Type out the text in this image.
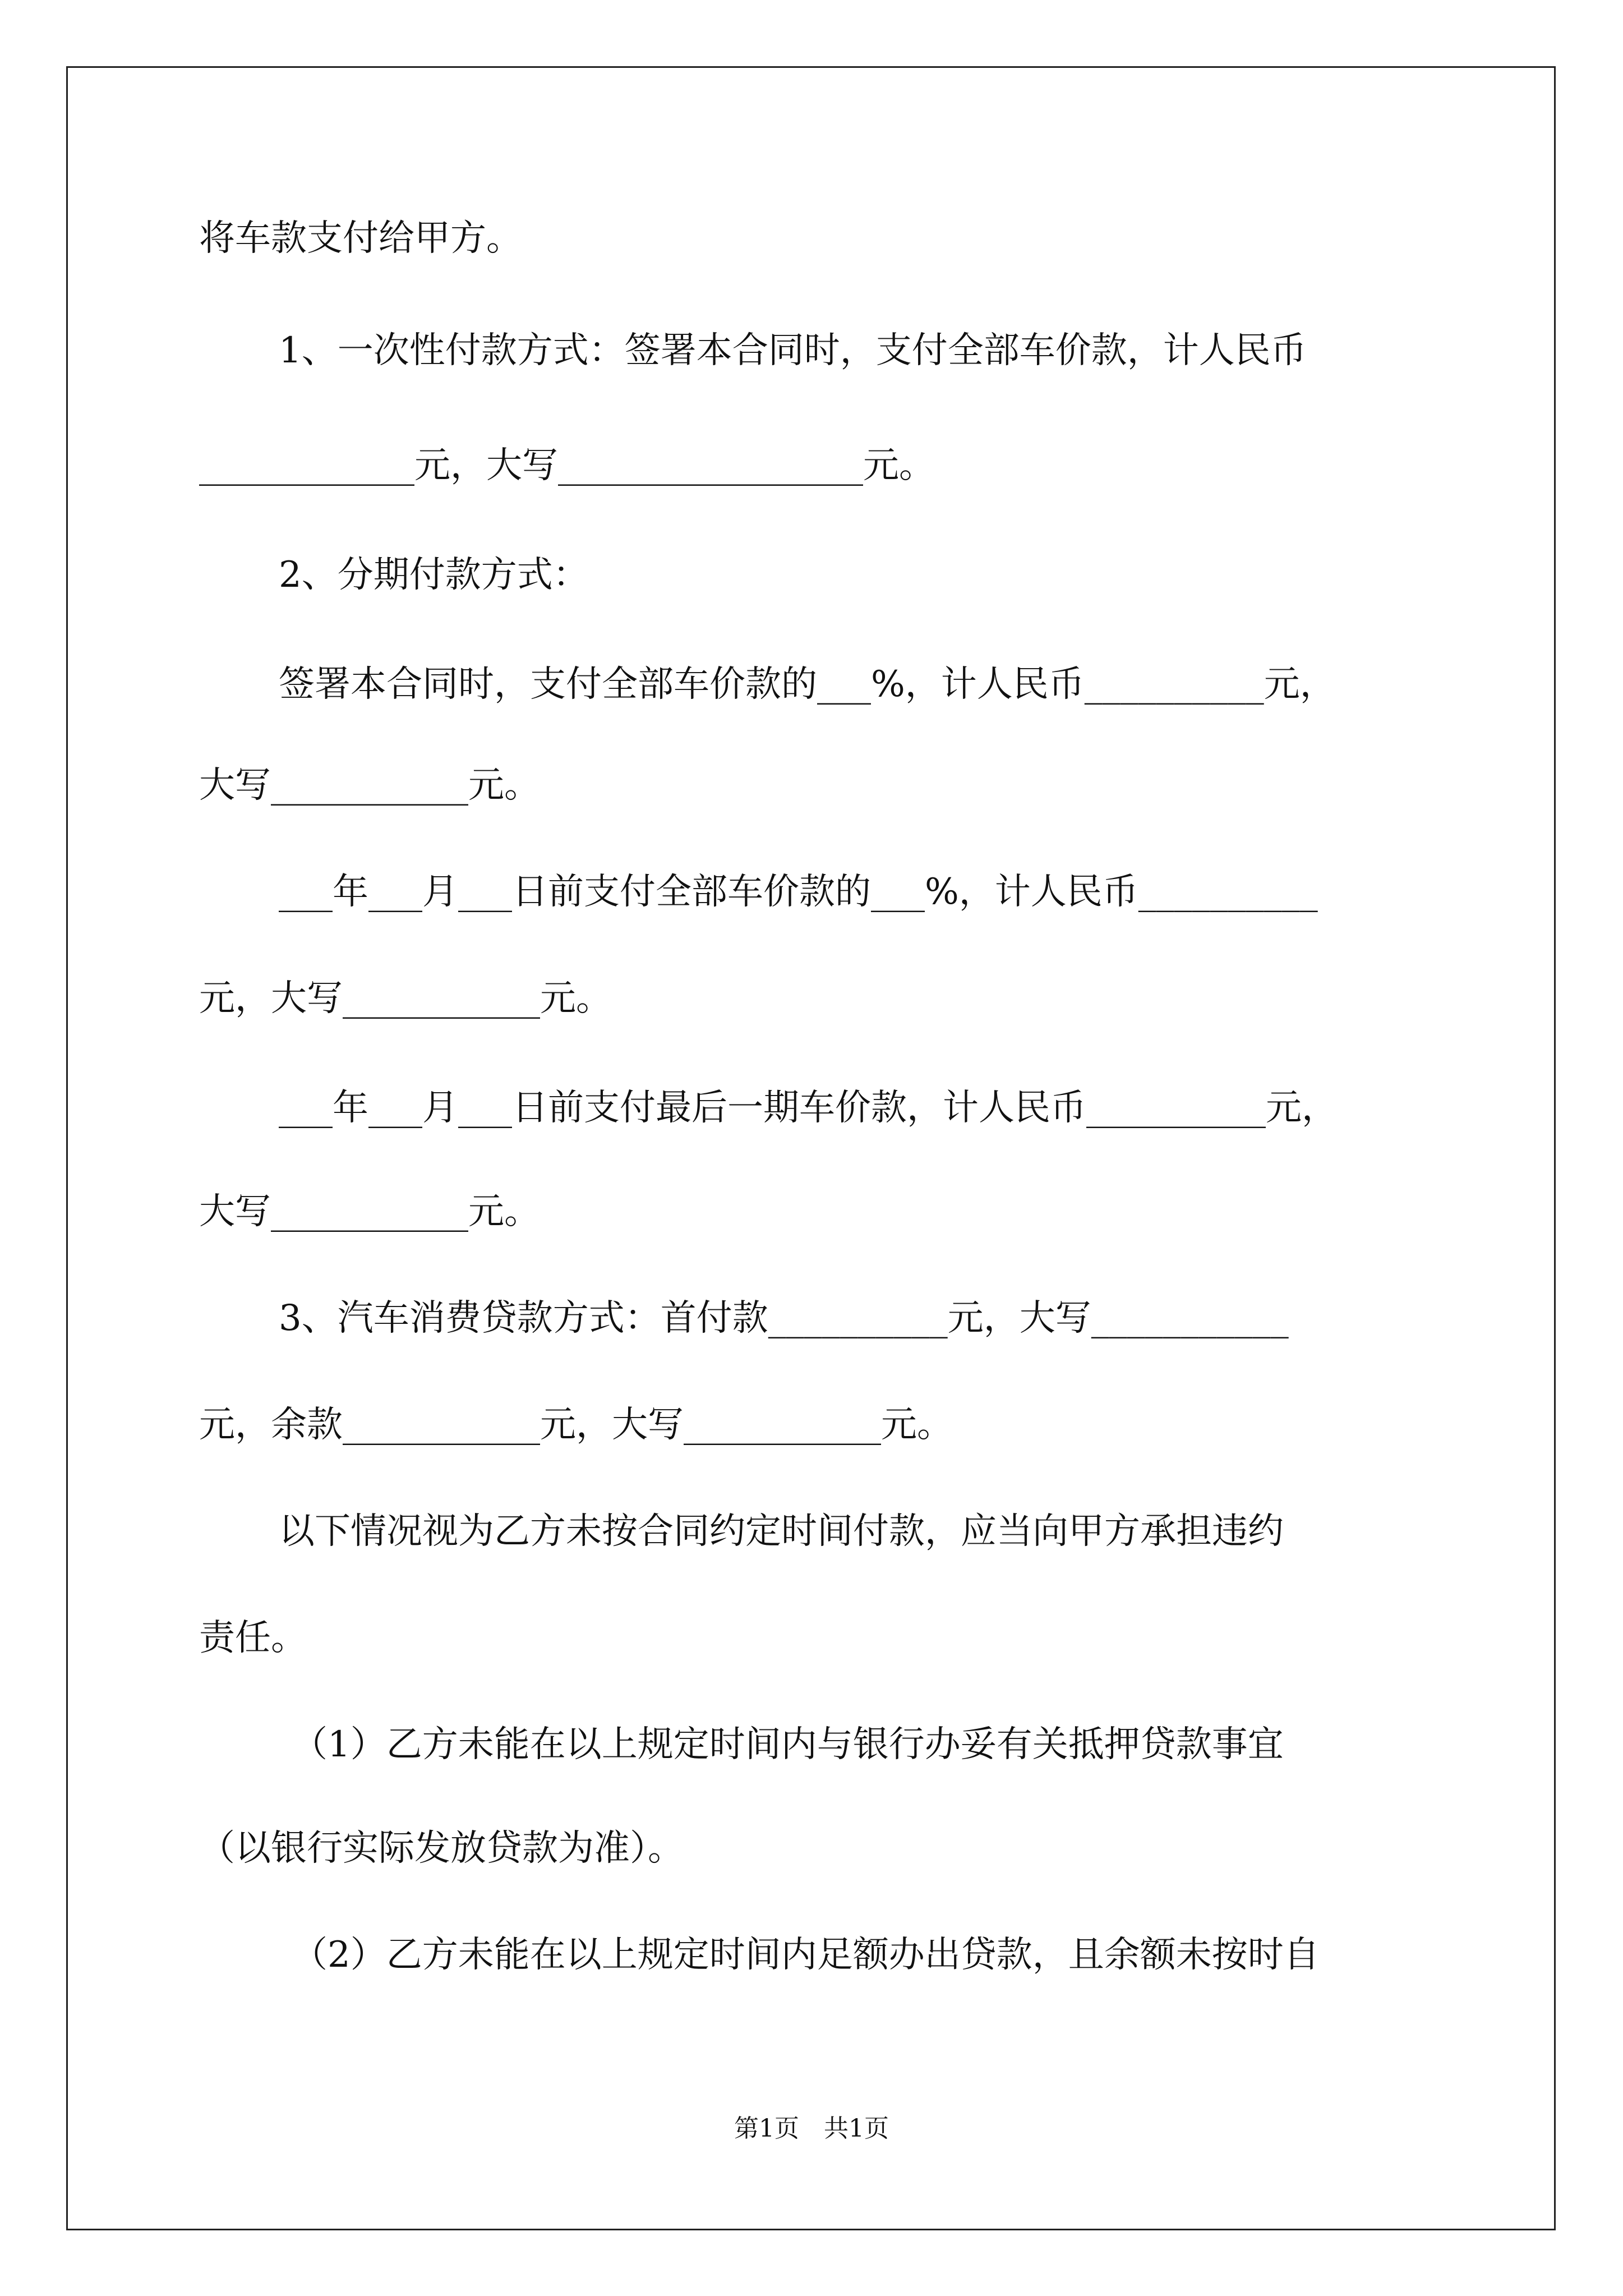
将车款支付给甲方。
1、一次性付款方式：签署本合同时，支付全部车价款，计人民币
____________元，大写_________________元。
2、分期付款方式：
签署本合同时，支付全部车价款的___%，计人民币__________元，
大写___________元。
___年___月___日前支付全部车价款的___%，计人民币__________
元，大写___________元。
___年___月___日前支付最后一期车价款，计人民币__________元，
大写___________元。
3、汽车消费贷款方式：首付款__________元，大写___________
元，余款___________元，大写___________元。
以下情况视为乙方未按合同约定时间付款，应当向甲方承担违约
责任。
（1）乙方未能在以上规定时间内与银行办妥有关抵押贷款事宜
（以银行实际发放贷款为准）。
（2）乙方未能在以上规定时间内足额办出贷款，且余额未按时自
第1页　共1页
